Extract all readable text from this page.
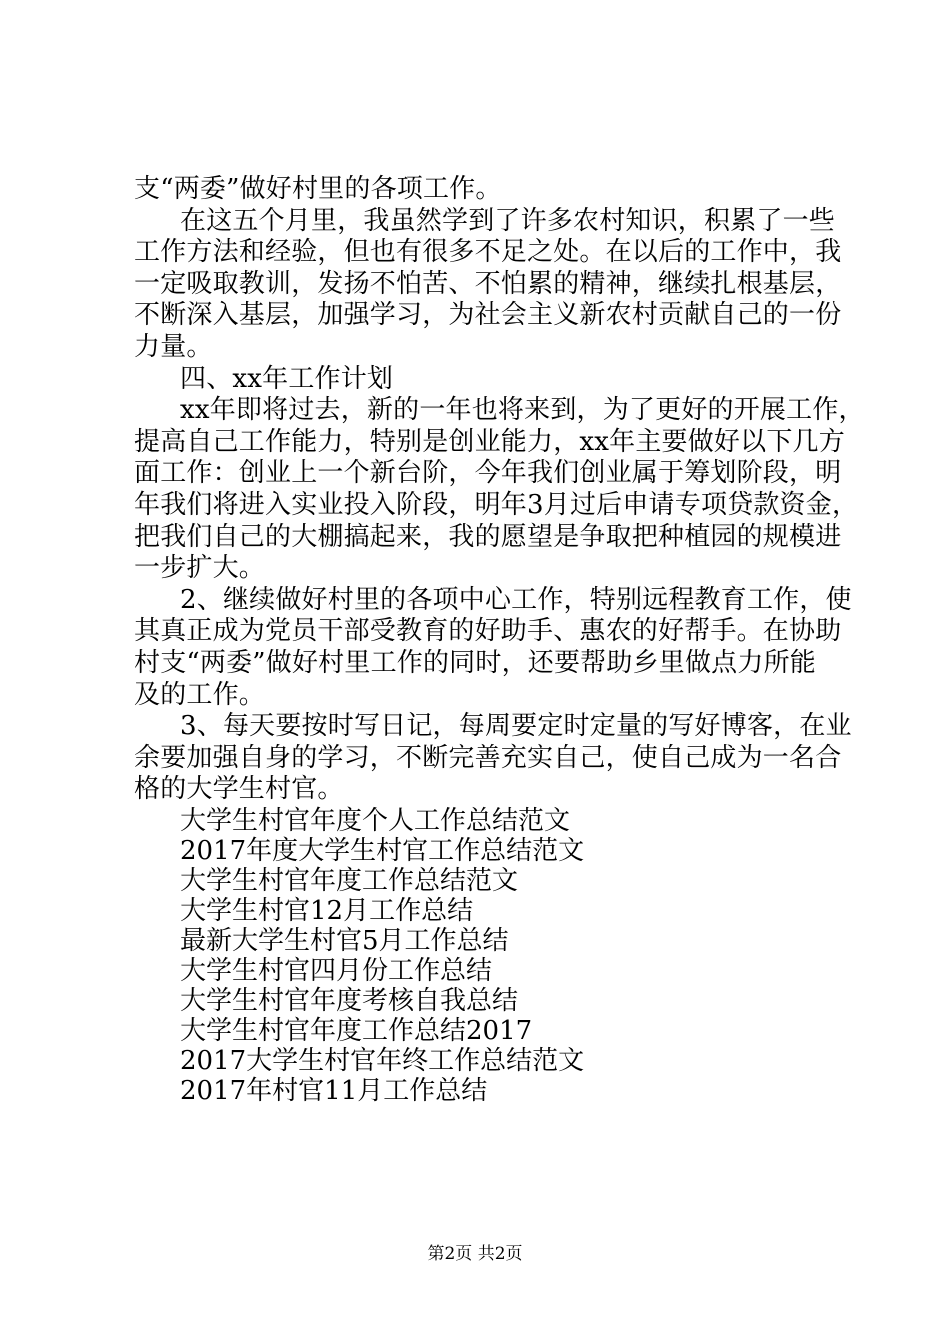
支“两委”做好村里的各项工作。
在这五个月里，我虽然学到了许多农村知识，积累了一些
工作方法和经验，但也有很多不足之处。在以后的工作中，我
一定吸取教训，发扬不怕苦、不怕累的精神，继续扎根基层，
不断深入基层，加强学习，为社会主义新农村贡献自己的一份
力量。
四、xx年工作计划
xx年即将过去，新的一年也将来到，为了更好的开展工作，
提高自己工作能力，特别是创业能力，xx年主要做好以下几方
面工作：创业上一个新台阶，今年我们创业属于筹划阶段，明
年我们将进入实业投入阶段，明年3月过后申请专项贷款资金，
把我们自己的大棚搞起来，我的愿望是争取把种植园的规模进
一步扩大。
2、继续做好村里的各项中心工作，特别远程教育工作，使
其真正成为党员干部受教育的好助手、惠农的好帮手。在协助
村支“两委”做好村里工作的同时，还要帮助乡里做点力所能
及的工作。
3、每天要按时写日记，每周要定时定量的写好博客，在业
余要加强自身的学习，不断完善充实自己，使自己成为一名合
格的大学生村官。
大学生村官年度个人工作总结范文
2017年度大学生村官工作总结范文
大学生村官年度工作总结范文
大学生村官12月工作总结
最新大学生村官5月工作总结
大学生村官四月份工作总结
大学生村官年度考核自我总结
大学生村官年度工作总结2017
2017大学生村官年终工作总结范文
2017年村官11月工作总结
第2页 共2页
